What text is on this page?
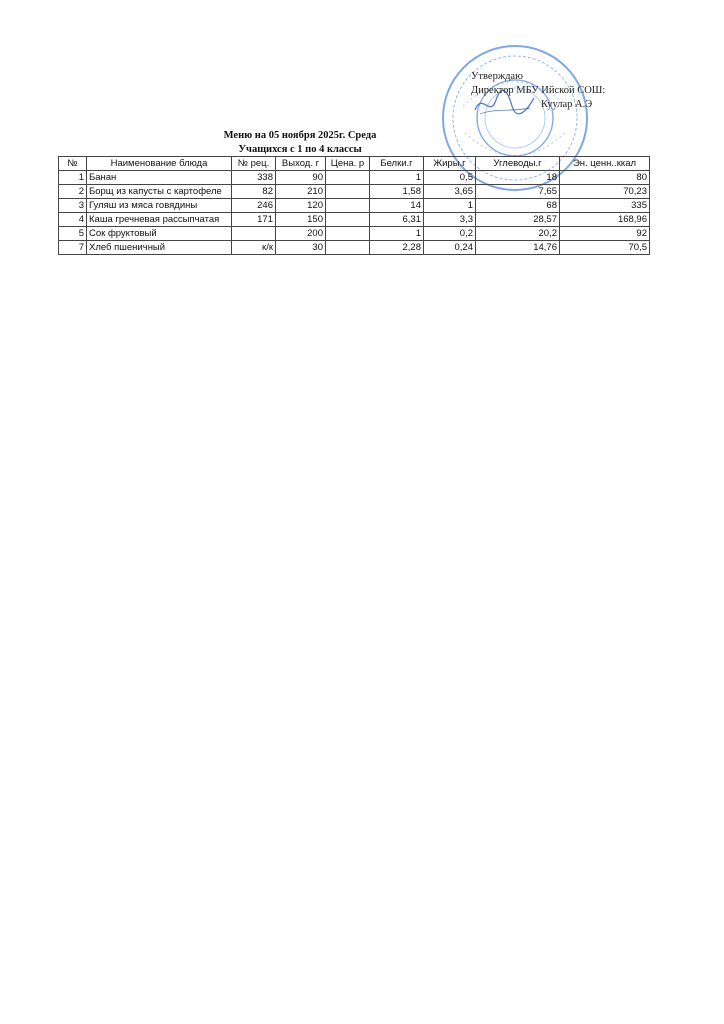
Утверждаю
Директор МБУ Ийской СОШ:
Куулар А.Э
Меню на 05 ноября 2025г. Среда
Учащихся с 1 по 4 классы
№	Наименование блюда	№ рец.	Выход. г	Цена. р	Белки.г	Жиры.г	Углеводы.г	Эн. ценн..ккал
1	Банан	338	90		1	0,5	18	80
2	Борщ из капусты с картофеле	82	210		1,58	3,65	7,65	70,23
3	Гуляш из мяса говядины	246	120		14	1	68	335
4	Каша гречневая рассыпчатая	171	150		6,31	3,3	28,57	168,96
5	Сок фруктовый		200		1	0,2	20,2	92
7	Хлеб пшеничный	к/к	30		2,28	0,24	14,76	70,5
